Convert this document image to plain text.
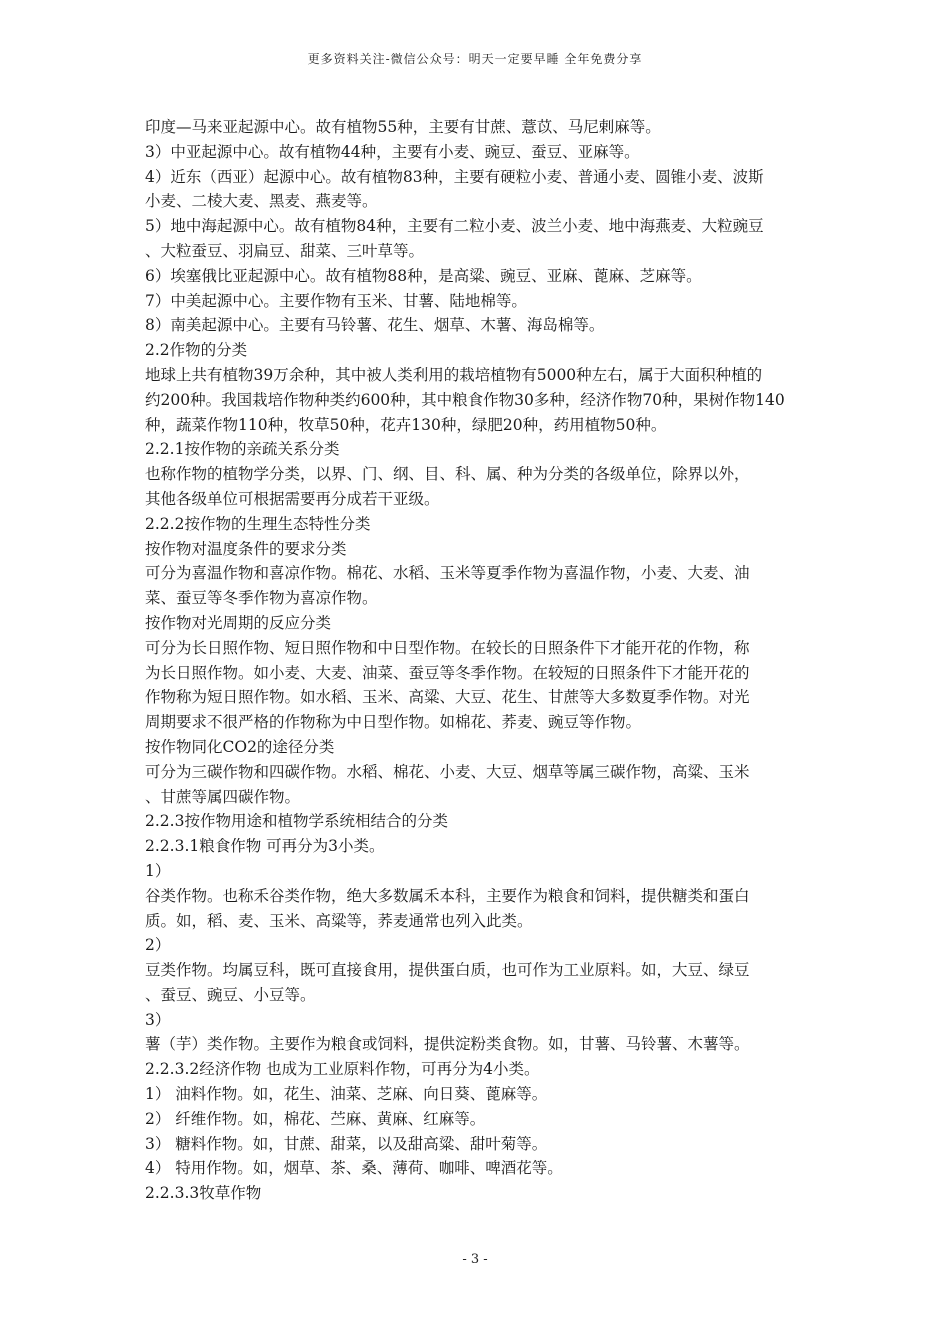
更多资料关注-微信公众号：明天一定要早睡 全年免费分享
印度—马来亚起源中心。故有植物55种，主要有甘蔗、薏苡、马尼剌麻等。
3）中亚起源中心。故有植物44种，主要有小麦、豌豆、蚕豆、亚麻等。
4）近东（西亚）起源中心。故有植物83种，主要有硬粒小麦、普通小麦、圆锥小麦、波斯
小麦、二棱大麦、黑麦、燕麦等。
5）地中海起源中心。故有植物84种，主要有二粒小麦、波兰小麦、地中海燕麦、大粒豌豆
、大粒蚕豆、羽扁豆、甜菜、三叶草等。
6）埃塞俄比亚起源中心。故有植物88种，是高粱、豌豆、亚麻、蓖麻、芝麻等。
7）中美起源中心。主要作物有玉米、甘薯、陆地棉等。
8）南美起源中心。主要有马铃薯、花生、烟草、木薯、海岛棉等。
2.2作物的分类
地球上共有植物39万余种，其中被人类利用的栽培植物有5000种左右，属于大面积种植的
约200种。我国栽培作物种类约600种，其中粮食作物30多种，经济作物70种，果树作物140
种，蔬菜作物110种，牧草50种，花卉130种，绿肥20种，药用植物50种。
2.2.1按作物的亲疏关系分类
也称作物的植物学分类，以界、门、纲、目、科、属、种为分类的各级单位，除界以外，
其他各级单位可根据需要再分成若干亚级。
2.2.2按作物的生理生态特性分类
按作物对温度条件的要求分类
可分为喜温作物和喜凉作物。棉花、水稻、玉米等夏季作物为喜温作物，小麦、大麦、油
菜、蚕豆等冬季作物为喜凉作物。
按作物对光周期的反应分类
可分为长日照作物、短日照作物和中日型作物。在较长的日照条件下才能开花的作物，称
为长日照作物。如小麦、大麦、油菜、蚕豆等冬季作物。在较短的日照条件下才能开花的
作物称为短日照作物。如水稻、玉米、高粱、大豆、花生、甘蔗等大多数夏季作物。对光
周期要求不很严格的作物称为中日型作物。如棉花、荞麦、豌豆等作物。
按作物同化CO2的途径分类
可分为三碳作物和四碳作物。水稻、棉花、小麦、大豆、烟草等属三碳作物，高粱、玉米
、甘蔗等属四碳作物。
2.2.3按作物用途和植物学系统相结合的分类
2.2.3.1粮食作物 可再分为3小类。
1）
谷类作物。也称禾谷类作物，绝大多数属禾本科，主要作为粮食和饲料，提供糖类和蛋白
质。如，稻、麦、玉米、高粱等，荞麦通常也列入此类。
2）
豆类作物。均属豆科，既可直接食用，提供蛋白质，也可作为工业原料。如，大豆、绿豆
、蚕豆、豌豆、小豆等。
3）
薯（芋）类作物。主要作为粮食或饲料，提供淀粉类食物。如，甘薯、马铃薯、木薯等。
2.2.3.2经济作物 也成为工业原料作物，可再分为4小类。
1） 油料作物。如，花生、油菜、芝麻、向日葵、蓖麻等。
2） 纤维作物。如，棉花、苎麻、黄麻、红麻等。
3） 糖料作物。如，甘蔗、甜菜，以及甜高粱、甜叶菊等。
4） 特用作物。如，烟草、茶、桑、薄荷、咖啡、啤酒花等。
2.2.3.3牧草作物
- 3 -
